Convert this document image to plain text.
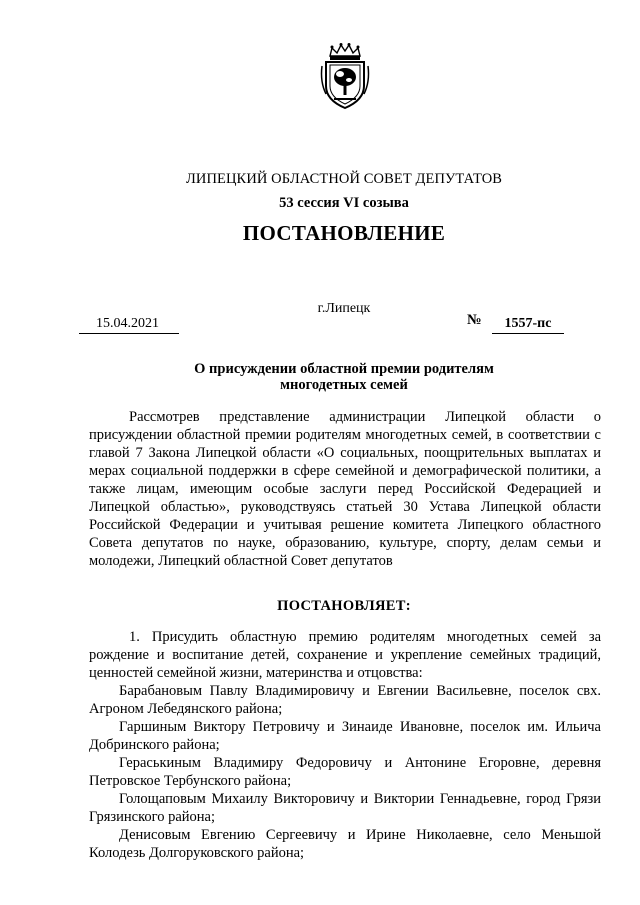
ЛИПЕЦКИЙ ОБЛАСТНОЙ СОВЕТ ДЕПУТАТОВ
53 сессия VI созыва
ПОСТАНОВЛЕНИЕ
г.Липецк
15.04.2021	№	1557-пс
О присуждении областной премии родителям
многодетных семей
Рассмотрев представление администрации Липецкой области о присуждении областной премии родителям многодетных семей, в соответствии с главой 7 Закона Липецкой области «О социальных, поощрительных выплатах и мерах социальной поддержки в сфере семейной и демографической политики, а также лицам, имеющим особые заслуги перед Российской Федерацией и Липецкой областью», руководствуясь статьей 30 Устава Липецкой области Российской Федерации и учитывая решение комитета Липецкого областного Совета депутатов по науке, образованию, культуре, спорту, делам семьи и молодежи, Липецкий областной Совет депутатов
ПОСТАНОВЛЯЕТ:

1. Присудить областную премию родителям многодетных семей за рождение и воспитание детей, сохранение и укрепление семейных традиций, ценностей семейной жизни, материнства и отцовства:

Барабановым Павлу Владимировичу и Евгении Васильевне, поселок свх. Агроном Лебедянского района;

Гаршиным Виктору Петровичу и Зинаиде Ивановне, поселок им. Ильича Добринского района;

Гераськиным Владимиру Федоровичу и Антонине Егоровне, деревня Петровское Тербунского района;

Голощаповым Михаилу Викторовичу и Виктории Геннадьевне, город Грязи Грязинского района;

Денисовым Евгению Сергеевичу и Ирине Николаевне, село Меньшой Колодезь Долгоруковского района;
